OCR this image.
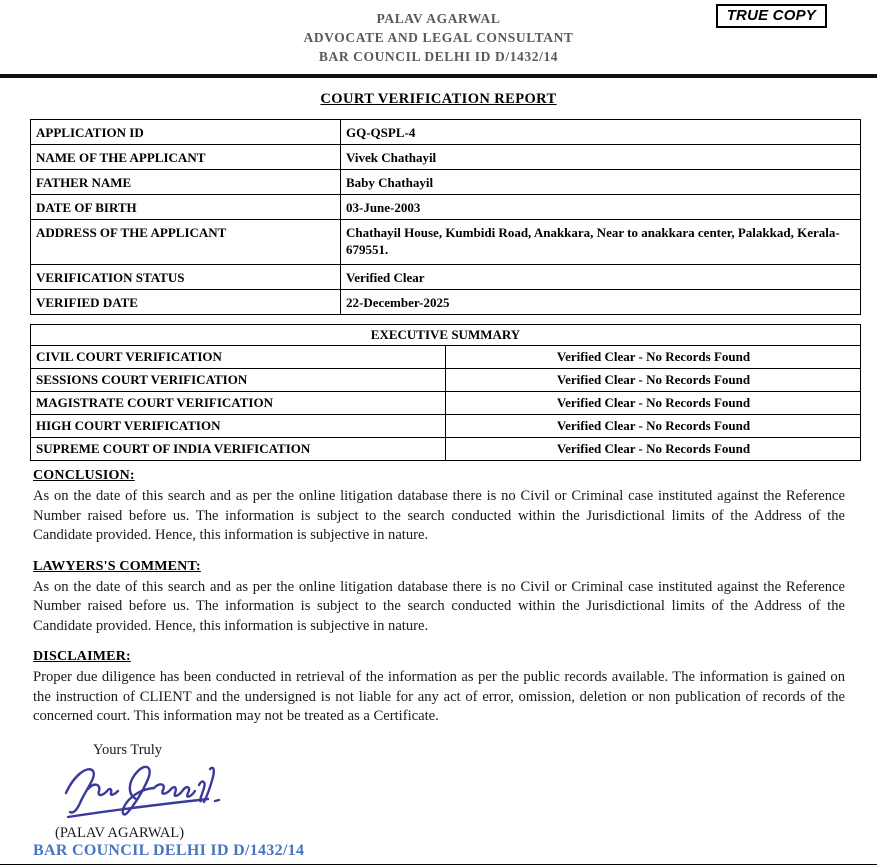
PALAV AGARWAL
ADVOCATE AND LEGAL CONSULTANT
BAR COUNCIL DELHI ID D/1432/14
TRUE COPY
COURT VERIFICATION REPORT
APPLICATION ID	GQ-QSPL-4
NAME OF THE APPLICANT	Vivek Chathayil
FATHER NAME	Baby Chathayil
DATE OF BIRTH	03-June-2003
ADDRESS OF THE APPLICANT	Chathayil House, Kumbidi Road, Anakkara, Near to anakkara center, Palakkad, Kerala-679551.
VERIFICATION STATUS	Verified Clear
VERIFIED DATE	22-December-2025
EXECUTIVE SUMMARY	
CIVIL COURT VERIFICATION	Verified Clear - No Records Found
SESSIONS COURT VERIFICATION	Verified Clear - No Records Found
MAGISTRATE COURT VERIFICATION	Verified Clear - No Records Found
HIGH COURT VERIFICATION	Verified Clear - No Records Found
SUPREME COURT OF INDIA VERIFICATION	Verified Clear - No Records Found
CONCLUSION:

As on the date of this search and as per the online litigation database there is no Civil or Criminal case instituted against the Reference Number raised before us. The information is subject to the search conducted within the Jurisdictional limits of the Address of the Candidate provided. Hence, this information is subjective in nature.

LAWYERS'S COMMENT:

As on the date of this search and as per the online litigation database there is no Civil or Criminal case instituted against the Reference Number raised before us. The information is subject to the search conducted within the Jurisdictional limits of the Address of the Candidate provided. Hence, this information is subjective in nature.

DISCLAIMER:

Proper due diligence has been conducted in retrieval of the information as per the public records available. The information is gained on the instruction of CLIENT and the undersigned is not liable for any act of error, omission, deletion or non publication of records of the concerned court. This information may not be treated as a Certificate.

Yours Truly
(PALAV AGARWAL)
BAR COUNCIL DELHI ID D/1432/14
